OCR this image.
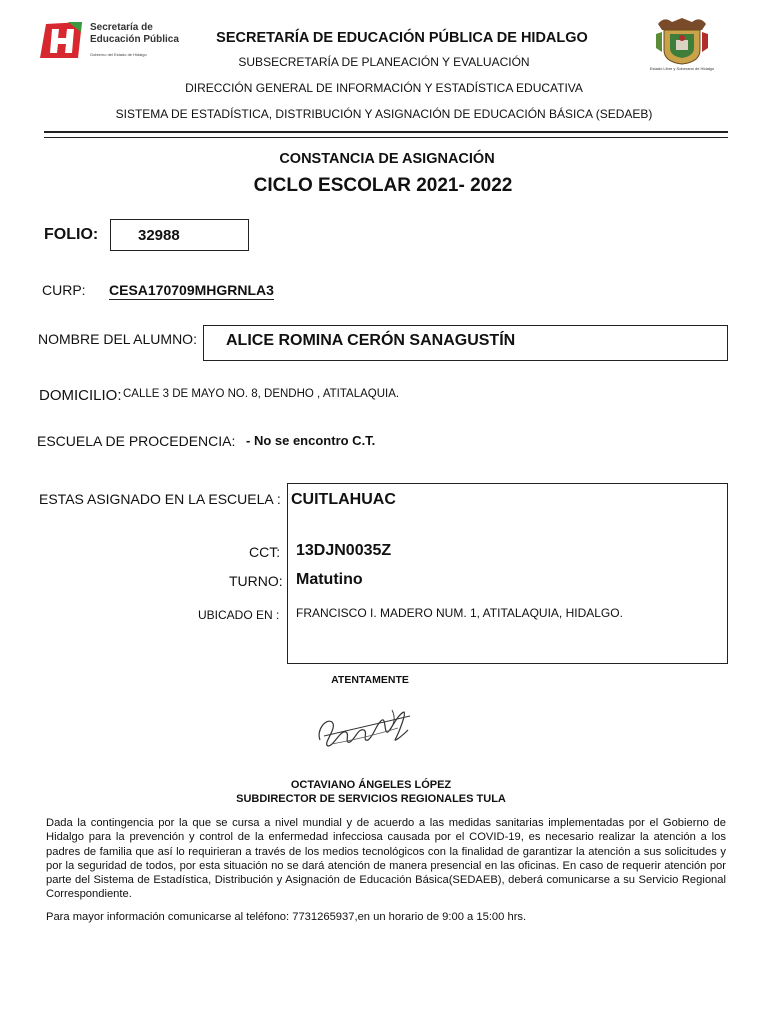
Secretaría de
Educación Pública
Gobierno del Estado de Hidalgo
Estado Libre y Soberano de Hidalgo
SECRETARÍA DE EDUCACIÓN PÚBLICA DE HIDALGO
SUBSECRETARÍA DE PLANEACIÓN Y EVALUACIÓN
DIRECCIÓN GENERAL DE INFORMACIÓN Y ESTADÍSTICA EDUCATIVA
SISTEMA DE ESTADÍSTICA, DISTRIBUCIÓN Y ASIGNACIÓN DE EDUCACIÓN BÁSICA (SEDAEB)
CONSTANCIA DE ASIGNACIÓN
CICLO ESCOLAR 2021- 2022
FOLIO:	32988
CURP: CESA170709MHGRNLA3
NOMBRE DEL ALUMNO: ALICE ROMINA CERÓN SANAGUSTÍN
DOMICILIO: CALLE 3 DE MAYO NO. 8, DENDHO , ATITALAQUIA.
ESCUELA DE PROCEDENCIA: - No se encontro C.T.
ESTAS ASIGNADO EN LA ESCUELA : CUITLAHUAC
CCT: 13DJN0035Z
TURNO: Matutino
UBICADO EN : FRANCISCO I. MADERO NUM. 1, ATITALAQUIA, HIDALGO.
ATENTAMENTE
OCTAVIANO ÁNGELES LÓPEZ
SUBDIRECTOR DE SERVICIOS REGIONALES TULA
Dada la contingencia por la que se cursa a nivel mundial y de acuerdo a las medidas sanitarias implementadas por el Gobierno de Hidalgo para la prevención y control de la enfermedad infecciosa causada por el COVID-19, es necesario realizar la atención a los padres de familia que así lo requirieran a través de los medios tecnológicos con la finalidad de garantizar la atención a sus solicitudes y por la seguridad de todos, por esta situación no se dará atención de manera presencial en las oficinas. En caso de requerir atención por parte del Sistema de Estadística, Distribución y Asignación de Educación Básica(SEDAEB), deberá comunicarse a su Servicio Regional Correspondiente.
Para mayor información comunicarse al teléfono: 7731265937,en un horario de 9:00 a 15:00 hrs.
